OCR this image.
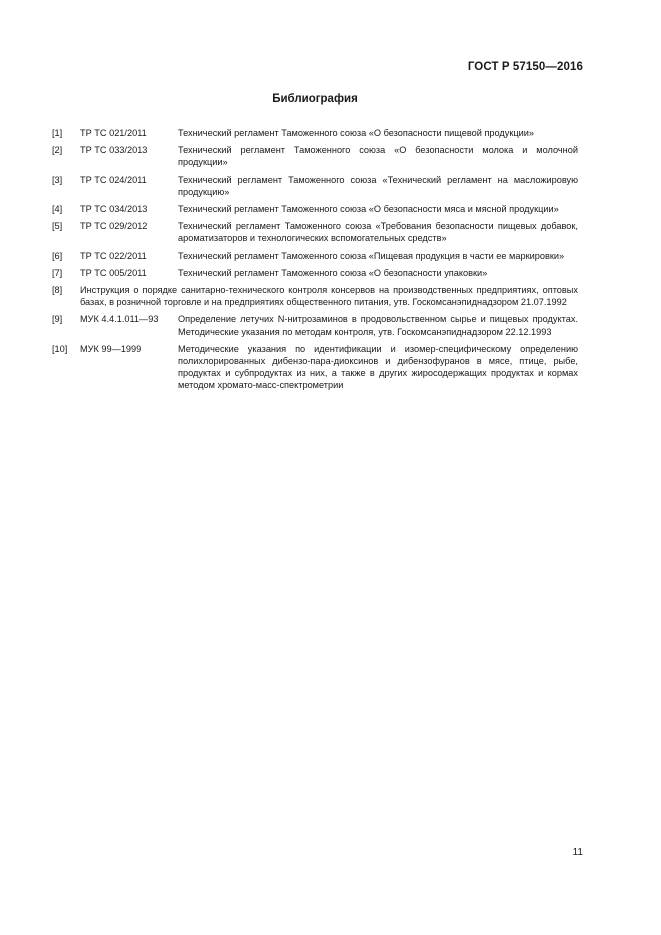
ГОСТ Р 57150—2016
Библиография
[1]	ТР ТС 021/2011	Технический регламент Таможенного союза «О безопасности пищевой продукции»
[2]	ТР ТС 033/2013	Технический регламент Таможенного союза «О безопасности молока и молочной продукции»
[3]	ТР ТС 024/2011	Технический регламент Таможенного союза «Технический регламент на масложировую продукцию»
[4]	ТР ТС 034/2013	Технический регламент Таможенного союза «О безопасности мяса и мясной продукции»
[5]	ТР ТС 029/2012	Технический регламент Таможенного союза «Требования безопасности пищевых добавок, ароматизаторов и технологических вспомогательных средств»
[6]	ТР ТС 022/2011	Технический регламент Таможенного союза «Пищевая продукция в части ее маркировки»
[7]	ТР ТС 005/2011	Технический регламент Таможенного союза «О безопасности упаковки»
[8]	Инструкция о порядке санитарно-технического контроля консервов на производственных предприятиях, оптовых базах, в розничной торговле и на предприятиях общественного питания, утв. Госкомсанэпиднадзором 21.07.1992
[9]	МУК 4.4.1.011—93	Определение летучих N-нитрозаминов в продовольственном сырье и пищевых продуктах. Методические указания по методам контроля, утв. Госкомсанэпиднадзором 22.12.1993
[10]	МУК 99—1999	Методические указания по идентификации и изомер-специфическому определению полихлорированных дибензо-пара-диоксинов и дибензофуранов в мясе, птице, рыбе, продуктах и субпродуктах из них, а также в других жиросодержащих продуктах и кормах методом хромато-масс-спектрометрии
11
